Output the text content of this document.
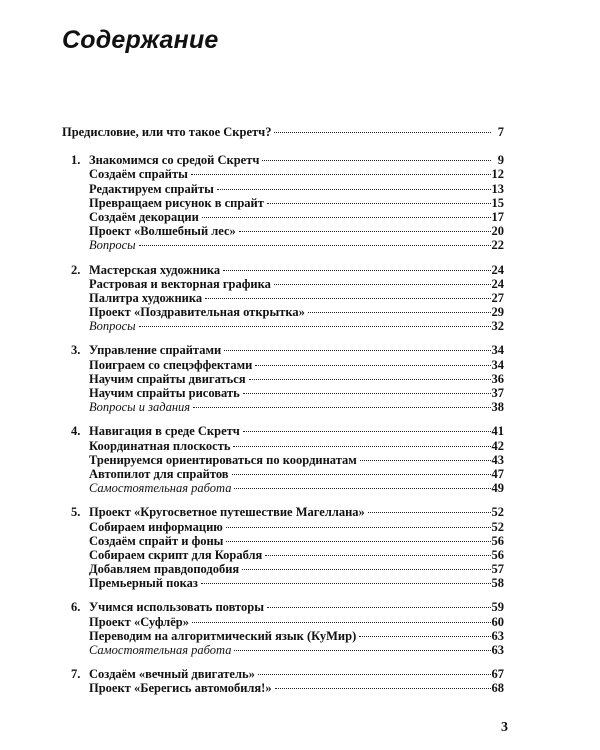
Содержание
Предисловие, или что такое Скретч?	7
1. Знакомимся со средой Скретч	9
Создаём спрайты	12
Редактируем спрайты	13
Превращаем рисунок в спрайт	15
Создаём декорации	17
Проект «Волшебный лес»	20
Вопросы	22
2. Мастерская художника	24
Растровая и векторная графика	24
Палитра художника	27
Проект «Поздравительная открытка»	29
Вопросы	32
3. Управление спрайтами	34
Поиграем со спецэффектами	34
Научим спрайты двигаться	36
Научим спрайты рисовать	37
Вопросы и задания	38
4. Навигация в среде Скретч	41
Координатная плоскость	42
Тренируемся ориентироваться по координатам	43
Автопилот для спрайтов	47
Самостоятельная работа	49
5. Проект «Кругосветное путешествие Магеллана»	52
Собираем информацию	52
Создаём спрайт и фоны	56
Собираем скрипт для Корабля	56
Добавляем правдоподобия	57
Премьерный показ	58
6. Учимся использовать повторы	59
Проект «Суфлёр»	60
Переводим на алгоритмический язык (КуМир)	63
Самостоятельная работа	63
7. Создаём «вечный двигатель»	67
Проект «Берегись автомобиля!»	68
3
